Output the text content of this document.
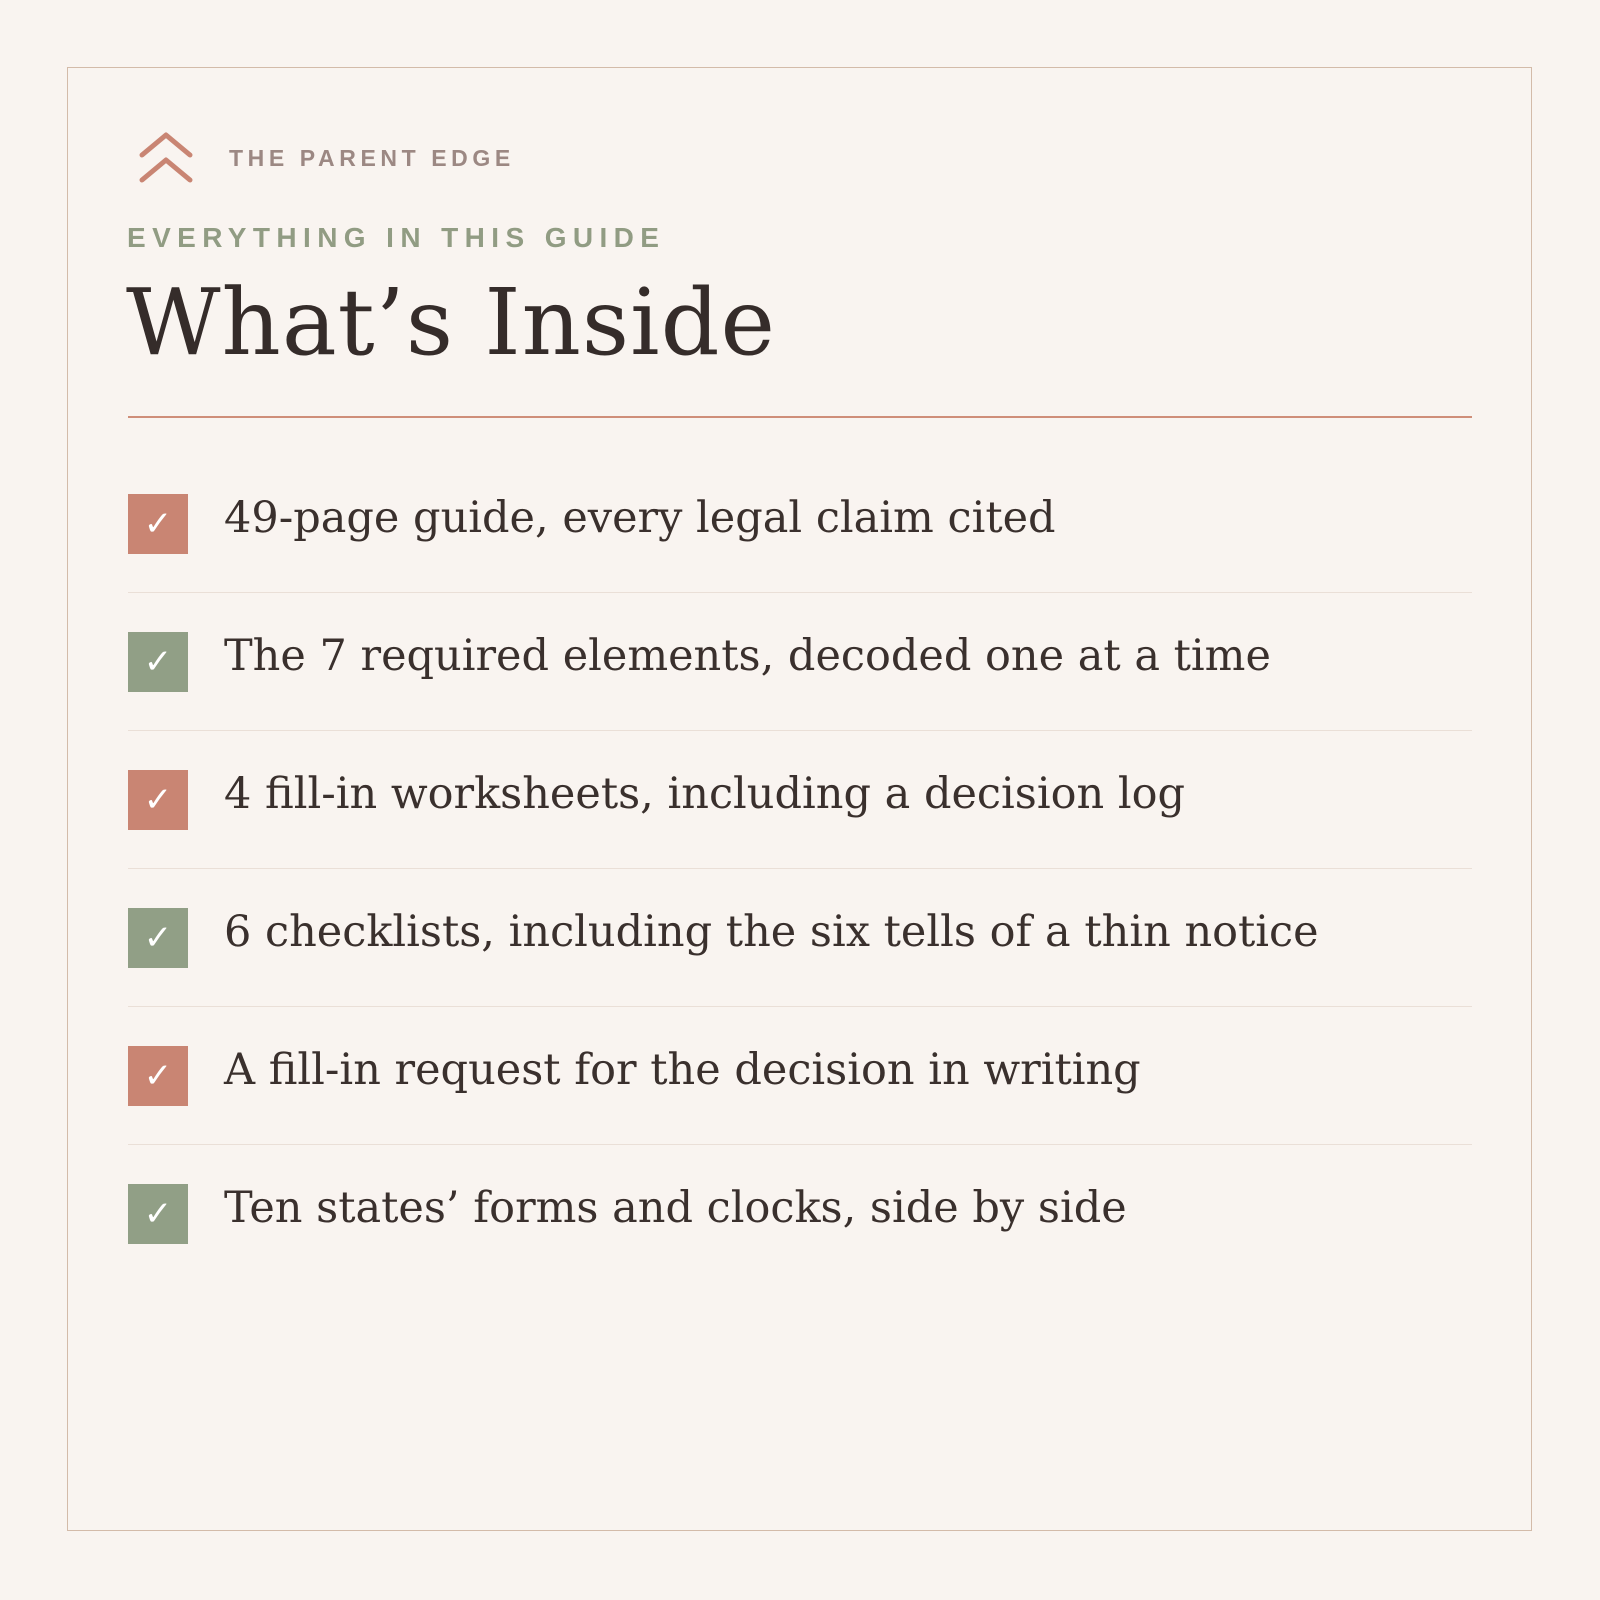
THE PARENT EDGE
EVERYTHING IN THIS GUIDE
What’s Inside
✓	49-page guide, every legal claim cited
✓	The 7 required elements, decoded one at a time
✓	4 fill-in worksheets, including a decision log
✓	6 checklists, including the six tells of a thin notice
✓	A fill-in request for the decision in writing
✓	Ten states’ forms and clocks, side by side
